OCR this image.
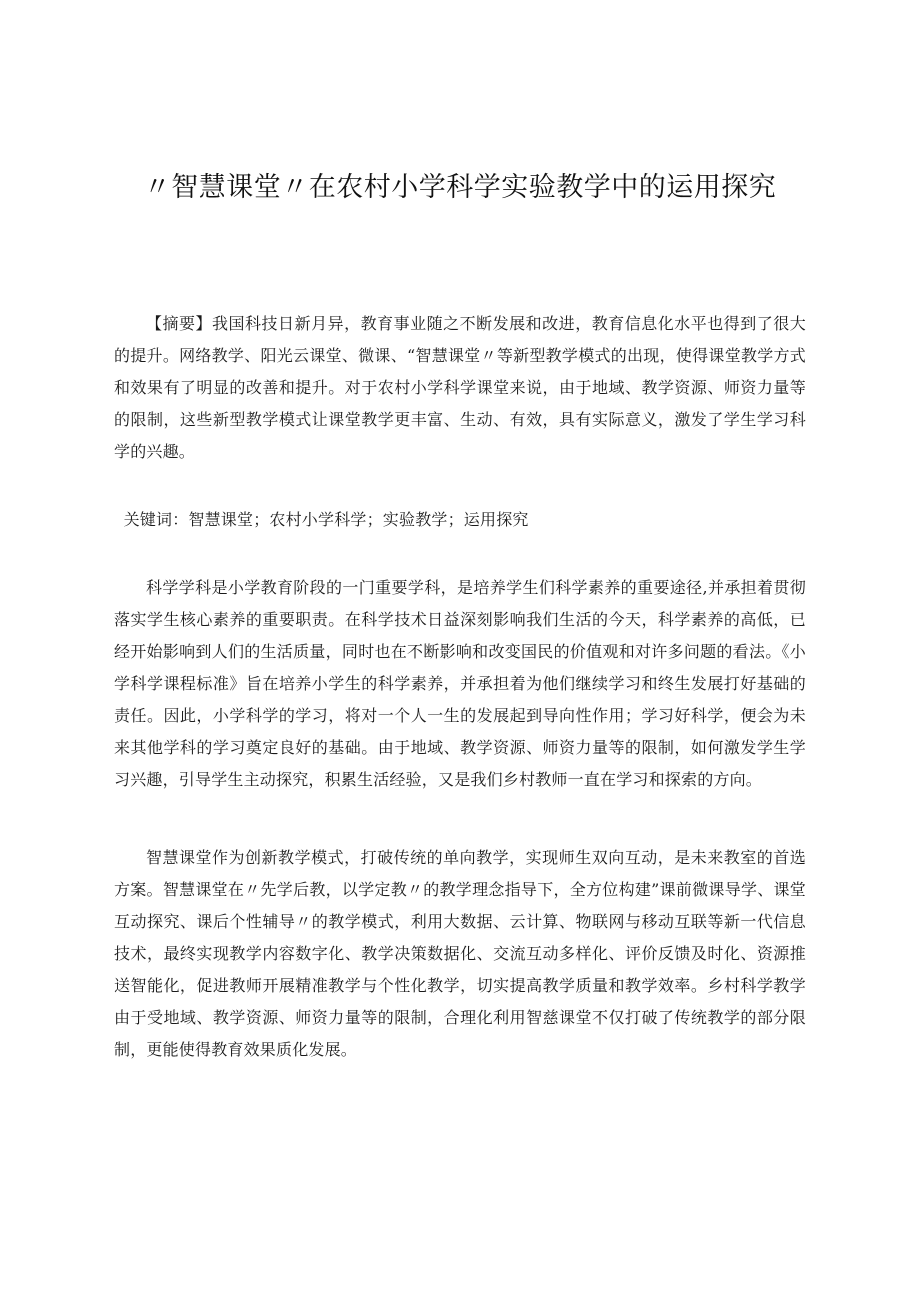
〃智慧课堂〃在农村小学科学实验教学中的运用探究

【摘要】我国科技日新月异，教育事业随之不断发展和改进，教育信息化水平也得到了很大的提升。网络教学、阳光云课堂、微课、“智慧课堂〃等新型教学模式的出现，使得课堂教学方式和效果有了明显的改善和提升。对于农村小学科学课堂来说，由于地域、教学资源、师资力量等的限制，这些新型教学模式让课堂教学更丰富、生动、有效，具有实际意义，激发了学生学习科学的兴趣。

关键词：智慧课堂；农村小学科学；实验教学；运用探究

科学学科是小学教育阶段的一门重要学科，是培养学生们科学素养的重要途径,并承担着贯彻落实学生核心素养的重要职责。在科学技术日益深刻影响我们生活的今天，科学素养的高低，已经开始影响到人们的生活质量，同时也在不断影响和改变国民的价值观和对许多问题的看法。《小学科学课程标准》旨在培养小学生的科学素养，并承担着为他们继续学习和终生发展打好基础的责任。因此，小学科学的学习，将对一个人一生的发展起到导向性作用；学习好科学，便会为未来其他学科的学习奠定良好的基础。由于地域、教学资源、师资力量等的限制，如何激发学生学习兴趣，引导学生主动探究，积累生活经验，又是我们乡村教师一直在学习和探索的方向。

智慧课堂作为创新教学模式，打破传统的单向教学，实现师生双向互动，是未来教室的首选方案。智慧课堂在〃先学后教，以学定教〃的教学理念指导下，全方位构建”课前微课导学、课堂互动探究、课后个性辅导〃的教学模式，利用大数据、云计算、物联网与移动互联等新一代信息技术，最终实现教学内容数字化、教学决策数据化、交流互动多样化、评价反馈及时化、资源推送智能化，促进教师开展精准教学与个性化教学，切实提高教学质量和教学效率。乡村科学教学由于受地域、教学资源、师资力量等的限制，合理化利用智慈课堂不仅打破了传统教学的部分限制，更能使得教育效果质化发展。
